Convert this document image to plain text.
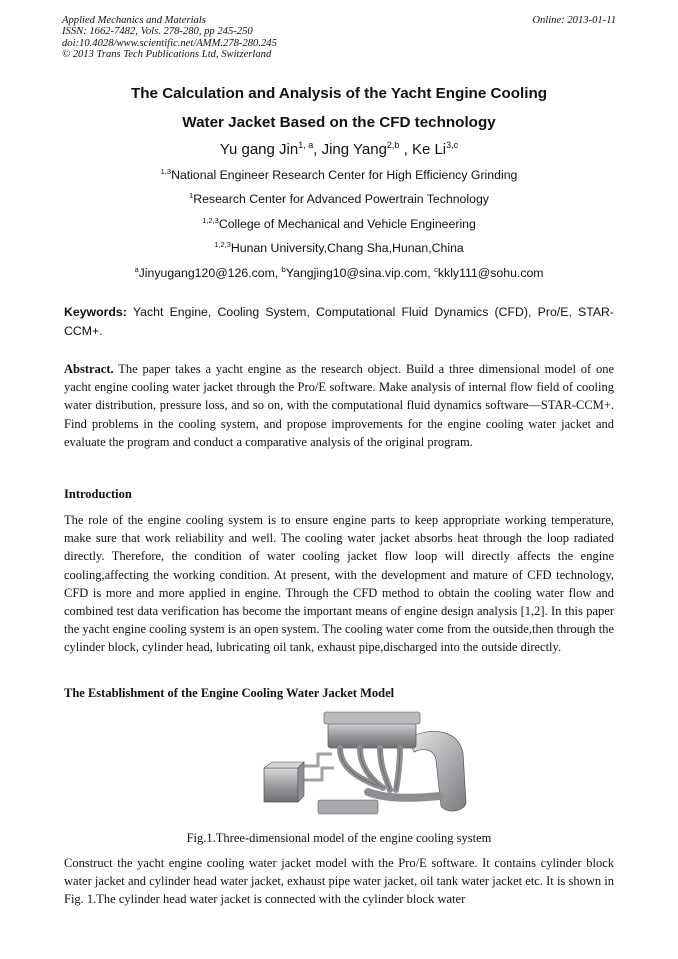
Applied Mechanics and Materials
ISSN: 1662-7482, Vols. 278-280, pp 245-250
doi:10.4028/www.scientific.net/AMM.278-280.245
© 2013 Trans Tech Publications Ltd, Switzerland
Online: 2013-01-11
The Calculation and Analysis of the Yacht Engine Cooling
Water Jacket Based on the CFD technology
Yu gang Jin$^{1, a}$, Jing Yang$^{2,b}$ , Ke Li$^{3,c}$
$^{1,3}$National Engineer Research Center for High Efficiency Grinding
$^1$Research Center for Advanced Powertrain Technology
$^{1,2,3}$College of Mechanical and Vehicle Engineering
$^{1,2,3}$Hunan University,Chang Sha,Hunan,China
$^a$Jinyugang120@126.com, $^b$Yangjing10@sina.vip.com, $^c$kkly111@sohu.com
Keywords: Yacht Engine, Cooling System, Computational Fluid Dynamics (CFD), Pro/E, STAR-CCM+.
Abstract. The paper takes a yacht engine as the research object. Build a three dimensional model of one yacht engine cooling water jacket through the Pro/E software. Make analysis of internal flow field of cooling water distribution, pressure loss, and so on, with the computational fluid dynamics software—STAR-CCM+. Find problems in the cooling system, and propose improvements for the engine cooling water jacket and evaluate the program and conduct a comparative analysis of the original program.
Introduction
The role of the engine cooling system is to ensure engine parts to keep appropriate working temperature, make sure that work reliability and well. The cooling water jacket absorbs heat through the loop radiated directly. Therefore, the condition of water cooling jacket flow loop will directly affects the engine cooling,affecting the working condition. At present, with the development and mature of CFD technology, CFD is more and more applied in engine. Through the CFD method to obtain the cooling water flow and combined test data verification has become the important means of engine design analysis [1,2]. In this paper the yacht engine cooling system is an open system. The cooling water come from the outside,then through the cylinder block, cylinder head, lubricating oil tank, exhaust pipe,discharged into the outside directly.
The Establishment of the Engine Cooling Water Jacket Model
Fig.1.Three-dimensional model of the engine cooling system
Construct the yacht engine cooling water jacket model with the Pro/E software. It contains cylinder block water jacket and cylinder head water jacket, exhaust pipe water jacket, oil tank water jacket etc. It is shown in Fig. 1.The cylinder head water jacket is connected with the cylinder block water
